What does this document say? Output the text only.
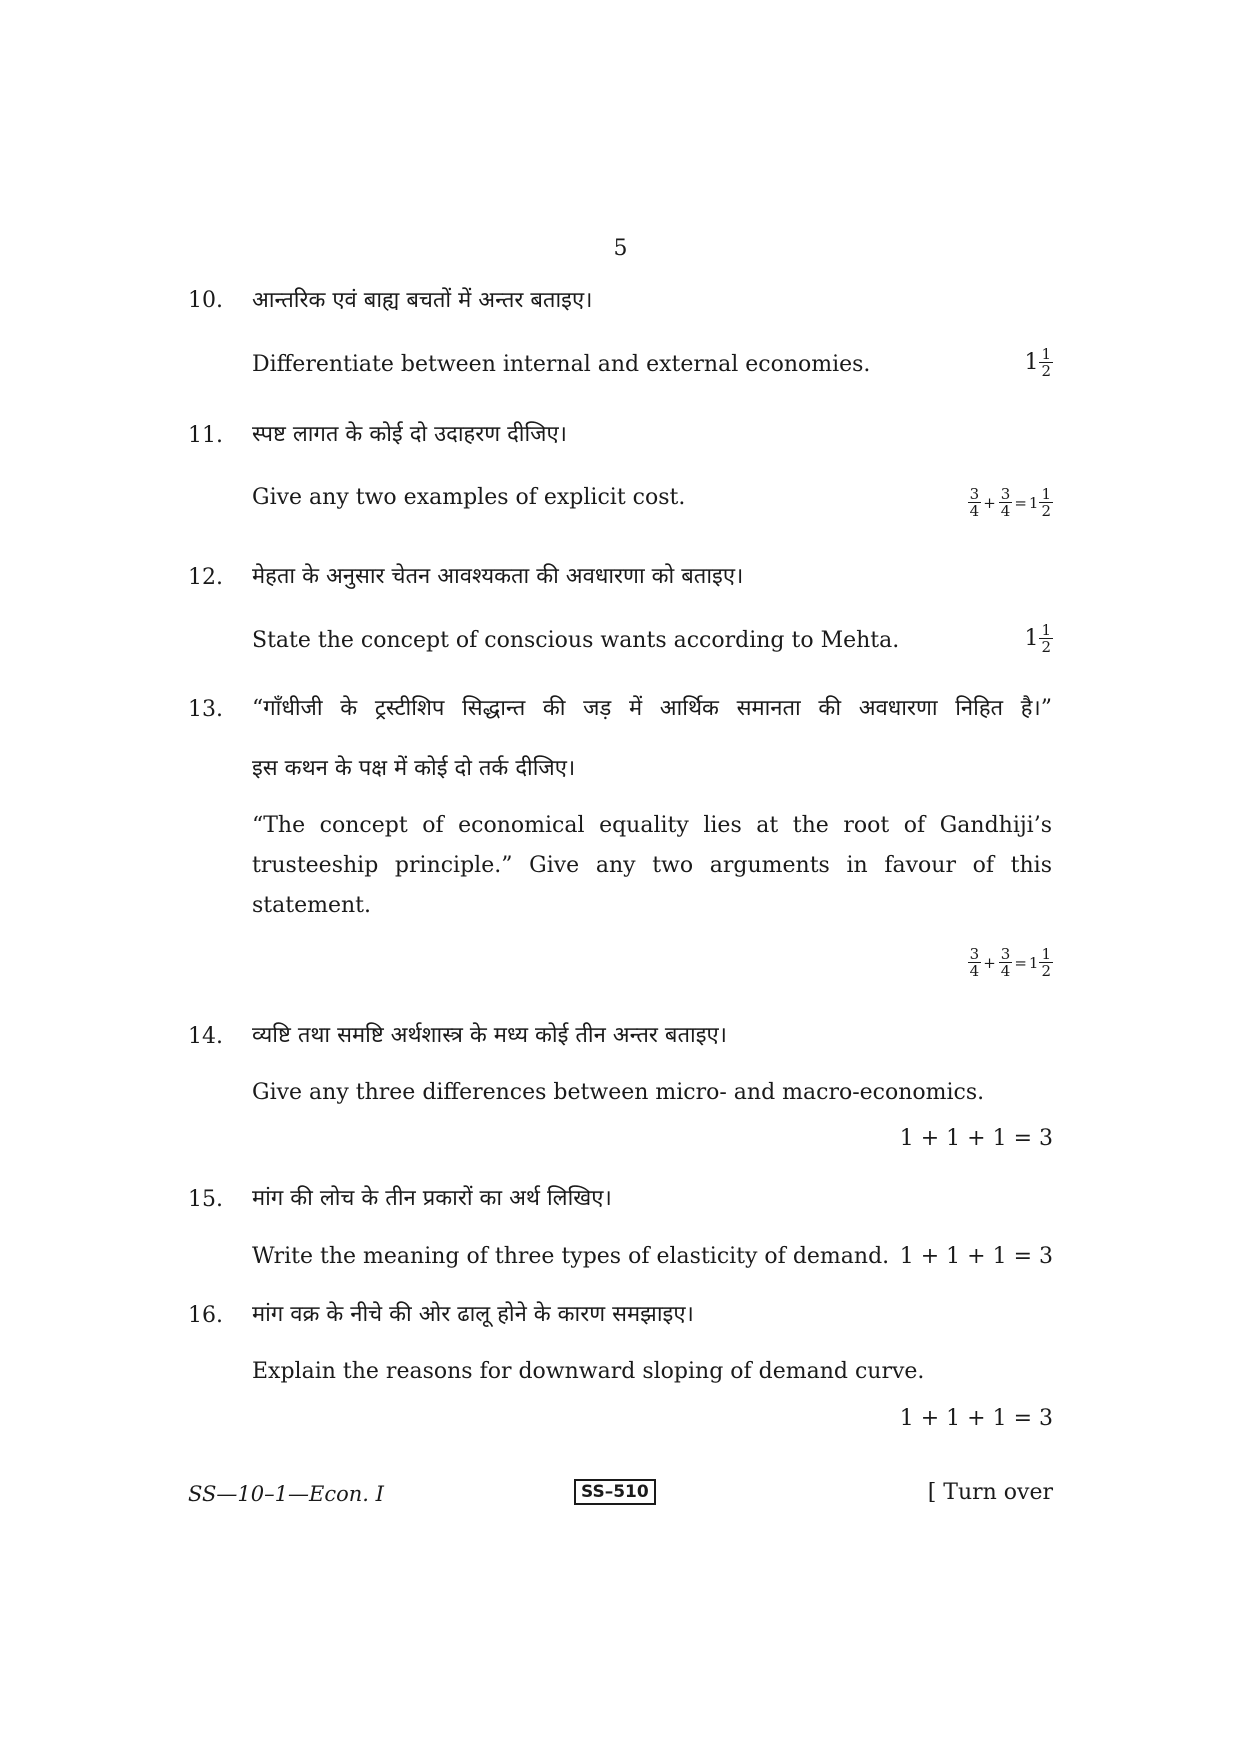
5
10. आन्तरिक एवं बाह्य बचतों में अन्तर बताइए।
Differentiate between internal and external economies.	$1 \frac{1}{2}$
11. स्पष्ट लागत के कोई दो उदाहरण दीजिए।
Give any two examples of explicit cost.	$\frac{3}{4} + \frac{3}{4} = 1 \frac{1}{2}$
12. मेहता के अनुसार चेतन आवश्यकता की अवधारणा को बताइए।
State the concept of conscious wants according to Mehta.	$1 \frac{1}{2}$
13. “गाँधीजी के ट्रस्टीशिप सिद्धान्त की जड़ में आर्थिक समानता की अवधारणा निहित है।”
इस कथन के पक्ष में कोई दो तर्क दीजिए।
“The concept of economical equality lies at the root of Gandhiji’s
trusteeship principle.” Give any two arguments in favour of this
statement.
$\frac{3}{4} + \frac{3}{4} = 1 \frac{1}{2}$
14. व्यष्टि तथा समष्टि अर्थशास्त्र के मध्य कोई तीन अन्तर बताइए।
Give any three differences between micro- and macro-economics.
1 + 1 + 1 = 3
15. मांग की लोच के तीन प्रकारों का अर्थ लिखिए।
Write the meaning of three types of elasticity of demand. 1 + 1 + 1 = 3
16. मांग वक्र के नीचे की ओर ढालू होने के कारण समझाइए।
Explain the reasons for downward sloping of demand curve.
1 + 1 + 1 = 3
SS—10–1—Econ. I	SS–510	[ Turn over
